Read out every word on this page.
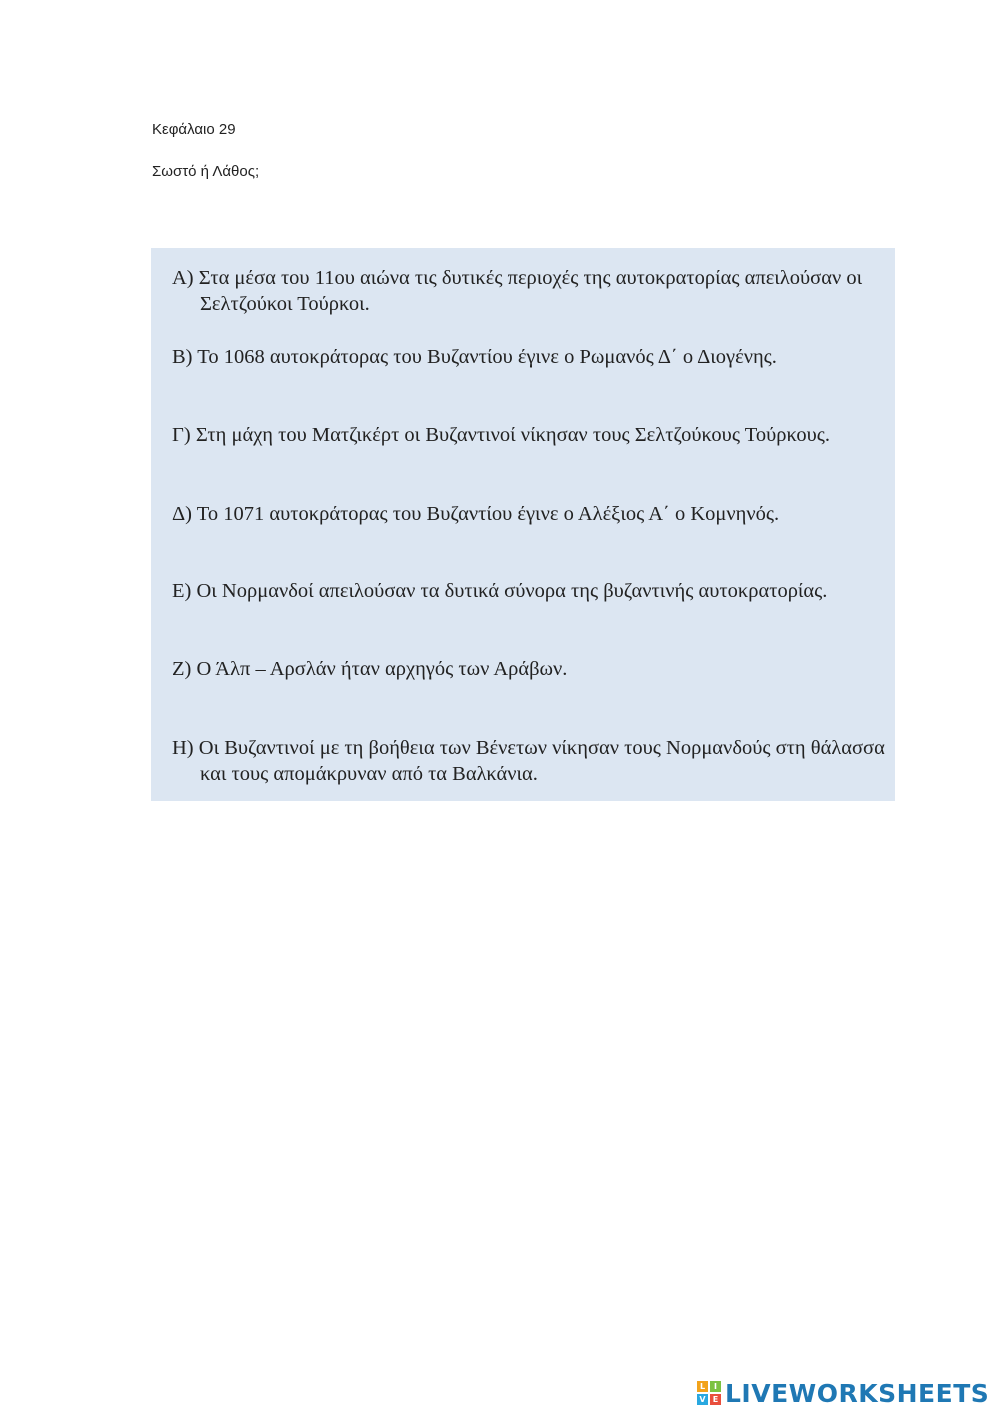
Κεφάλαιο 29
Σωστό ή Λάθος;
Α) Στα μέσα του 11ου αιώνα τις δυτικές περιοχές της αυτοκρατορίας απειλούσαν οι Σελτζούκοι Τούρκοι.
Β) Το 1068 αυτοκράτορας του Βυζαντίου έγινε ο Ρωμανός Δ΄ ο Διογένης.
Γ) Στη μάχη του Ματζικέρτ οι Βυζαντινοί νίκησαν τους Σελτζούκους Τούρκους.
Δ) Το 1071 αυτοκράτορας του Βυζαντίου έγινε ο Αλέξιος Α΄ ο Κομνηνός.
Ε) Οι Νορμανδοί απειλούσαν τα δυτικά σύνορα της βυζαντινής αυτοκρατορίας.
Ζ) Ο Άλπ – Αρσλάν ήταν αρχηγός των Αράβων.
Η) Οι Βυζαντινοί με τη βοήθεια των Βένετων νίκησαν τους Νορμανδούς στη θάλασσα και τους απομάκρυναν από τα Βαλκάνια.
L	I
V E LIVEWORKSHEETS
